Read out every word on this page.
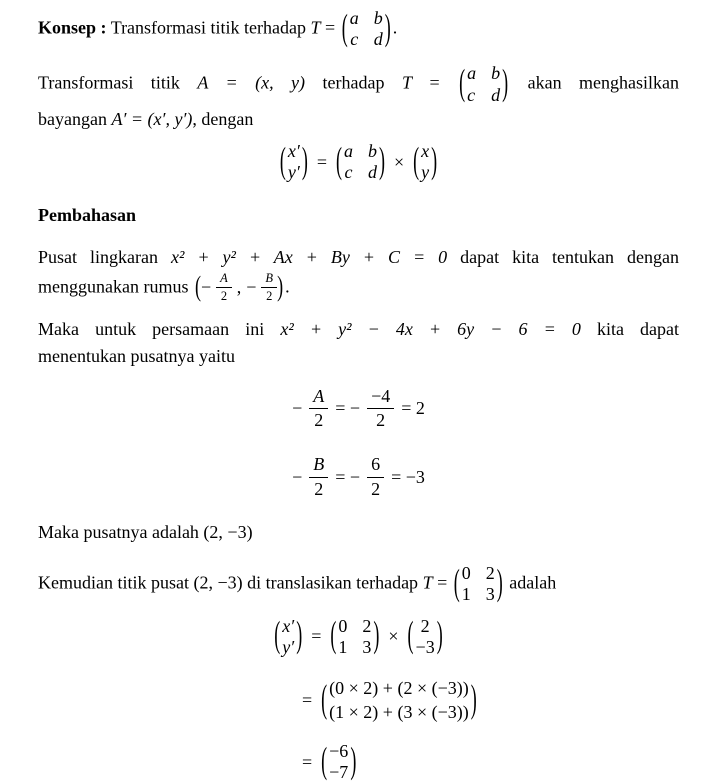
Konsep : Transformasi titik terhadap T = ( a b
c d ) .

Transformasi titik A = (x, y) terhadap T = ( a b
c d ) akan menghasilkan
bayangan A′ = (x′, y′), dengan
( x′
y′ ) = ( a b
c d ) × ( x
y )

Pembahasan

Pusat lingkaran x² + y² + Ax + By + C = 0 dapat kita tentukan dengan
menggunakan rumus ( − $\frac{A}{2}$ , − $\frac{B}{2}$ ) .
Maka untuk persamaan ini x² + y² − 4x + 6y − 6 = 0 kita dapat
menentukan pusatnya yaitu
− $\frac{A}{2}$ = − $\frac{-4}{2} = 2$
− $\frac{B}{2}$ = − $\frac{6}{2} = -3$

Maka pusatnya adalah (2, −3)

Kemudian titik pusat (2, −3) di translasikan terhadap T = ( 0 2
1 3 ) adalah
( x′
y′ ) = ( 0 2
1 3 ) × ( 2
−3 )
= ( (0 × 2) + (2 × (−3))
(1 × 2) + (3 × (−3)) )
= ( −6
−7 )
